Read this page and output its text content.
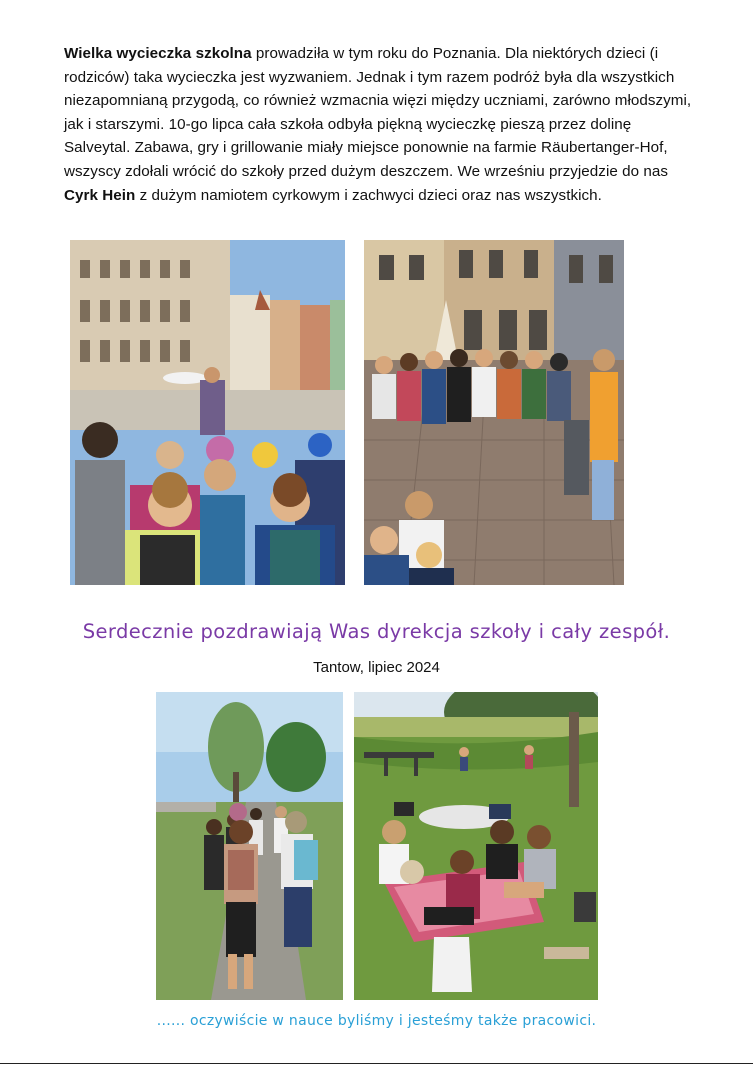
Wielka wycieczka szkolna prowadziła w tym roku do Poznania. Dla niektórych dzieci (i rodziców) taka wycieczka jest wyzwaniem. Jednak i tym razem podróż była dla wszystkich niezapomnianą przygodą, co również wzmacnia więzi między uczniami, zarówno młodszymi, jak i starszymi. 10-go lipca cała szkoła odbyła piękną wycieczkę pieszą przez dolinę Salveytal. Zabawa, gry i grillowanie miały miejsce ponownie na farmie Räubertanger-Hof, wszyscy zdołali wrócić do szkoły przed dużym deszczem. We wrześniu przyjedzie do nas Cyrk Hein z dużym namiotem cyrkowym i zachwyci dzieci oraz nas wszystkich.

Serdecznie pozdrawiają Was dyrekcja szkoły i cały zespół.
Tantow, lipiec 2024
...... oczywiście w nauce byliśmy i jesteśmy także pracowici.
